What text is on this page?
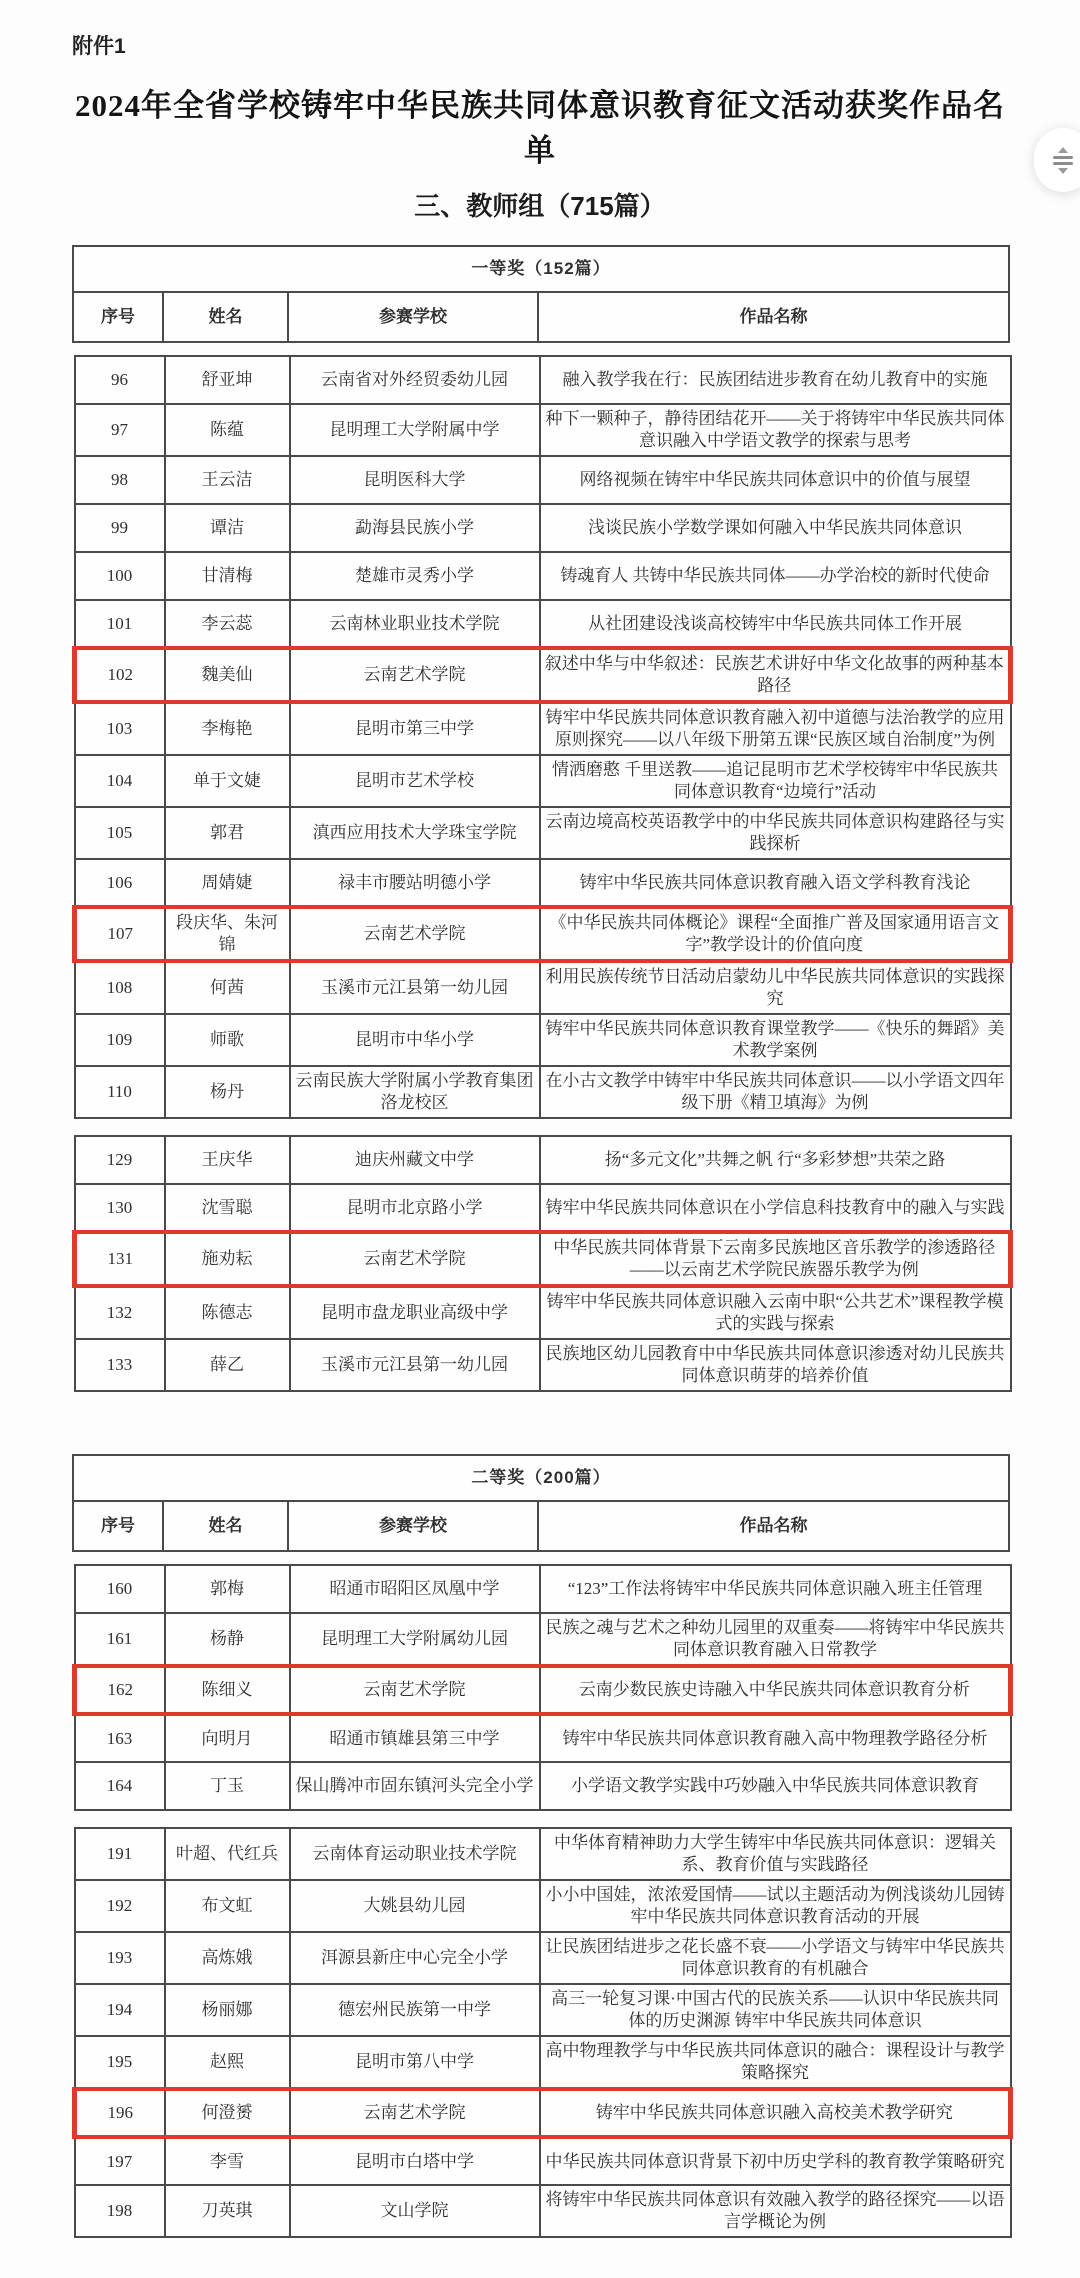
附件1
2024年全省学校铸牢中华民族共同体意识教育征文活动获奖作品名单
三、教师组（715篇）
一等奖（152篇）
序号	姓名	参赛学校	作品名称
96	舒亚坤	云南省对外经贸委幼儿园	融入教学我在行：民族团结进步教育在幼儿教育中的实施

97	陈蕴	昆明理工大学附属中学	种下一颗种子，静待团结花开——关于将铸牢中华民族共同体意识融入中学语文教学的探索与思考

98	王云洁	昆明医科大学	网络视频在铸牢中华民族共同体意识中的价值与展望

99	谭洁	勐海县民族小学	浅谈民族小学数学课如何融入中华民族共同体意识

100	甘清梅	楚雄市灵秀小学	铸魂育人 共铸中华民族共同体——办学治校的新时代使命

101	李云蕊	云南林业职业技术学院	从社团建设浅谈高校铸牢中华民族共同体工作开展

102	魏美仙	云南艺术学院	叙述中华与中华叙述：民族艺术讲好中华文化故事的两种基本路径

103	李梅艳	昆明市第三中学	铸牢中华民族共同体意识教育融入初中道德与法治教学的应用原则探究——以八年级下册第五课“民族区域自治制度”为例

104	单于文婕	昆明市艺术学校	情洒磨憨 千里送教——追记昆明市艺术学校铸牢中华民族共同体意识教育“边境行”活动

105	郭君	滇西应用技术大学珠宝学院	云南边境高校英语教学中的中华民族共同体意识构建路径与实践探析

106	周婧婕	禄丰市腰站明德小学	铸牢中华民族共同体意识教育融入语文学科教育浅论

107	段庆华、朱河锦	云南艺术学院	《中华民族共同体概论》课程“全面推广普及国家通用语言文字”教学设计的价值向度

108	何茜	玉溪市元江县第一幼儿园	利用民族传统节日活动启蒙幼儿中华民族共同体意识的实践探究

109	师歌	昆明市中华小学	铸牢中华民族共同体意识教育课堂教学——《快乐的舞蹈》美术教学案例

110	杨丹	云南民族大学附属小学教育集团洛龙校区	在小古文教学中铸牢中华民族共同体意识——以小学语文四年级下册《精卫填海》为例
129	王庆华	迪庆州藏文中学	扬“多元文化”共舞之帆 行“多彩梦想”共荣之路

130	沈雪聪	昆明市北京路小学	铸牢中华民族共同体意识在小学信息科技教育中的融入与实践

131	施劝耘	云南艺术学院	中华民族共同体背景下云南多民族地区音乐教学的渗透路径——以云南艺术学院民族器乐教学为例

132	陈德志	昆明市盘龙职业高级中学	铸牢中华民族共同体意识融入云南中职“公共艺术”课程教学模式的实践与探索

133	薛乙	玉溪市元江县第一幼儿园	民族地区幼儿园教育中中华民族共同体意识渗透对幼儿民族共同体意识萌芽的培养价值
二等奖（200篇）
序号	姓名	参赛学校	作品名称
160	郭梅	昭通市昭阳区凤凰中学	“123”工作法将铸牢中华民族共同体意识融入班主任管理

161	杨静	昆明理工大学附属幼儿园	民族之魂与艺术之种幼儿园里的双重奏——将铸牢中华民族共同体意识教育融入日常教学

162	陈细义	云南艺术学院	云南少数民族史诗融入中华民族共同体意识教育分析

163	向明月	昭通市镇雄县第三中学	铸牢中华民族共同体意识教育融入高中物理教学路径分析

164	丁玉	保山腾冲市固东镇河头完全小学	小学语文教学实践中巧妙融入中华民族共同体意识教育
191	叶超、代红兵	云南体育运动职业技术学院	中华体育精神助力大学生铸牢中华民族共同体意识：逻辑关系、教育价值与实践路径

192	布文虹	大姚县幼儿园	小小中国娃，浓浓爱国情——试以主题活动为例浅谈幼儿园铸牢中华民族共同体意识教育活动的开展

193	高炼娥	洱源县新庄中心完全小学	让民族团结进步之花长盛不衰——小学语文与铸牢中华民族共同体意识教育的有机融合

194	杨丽娜	德宏州民族第一中学	高三一轮复习课·中国古代的民族关系——认识中华民族共同体的历史渊源 铸牢中华民族共同体意识

195	赵熙	昆明市第八中学	高中物理教学与中华民族共同体意识的融合：课程设计与教学策略探究

196	何澄赟	云南艺术学院	铸牢中华民族共同体意识融入高校美术教学研究

197	李雪	昆明市白塔中学	中华民族共同体意识背景下初中历史学科的教育教学策略研究

198	刀英琪	文山学院	将铸牢中华民族共同体意识有效融入教学的路径探究——以语言学概论为例
